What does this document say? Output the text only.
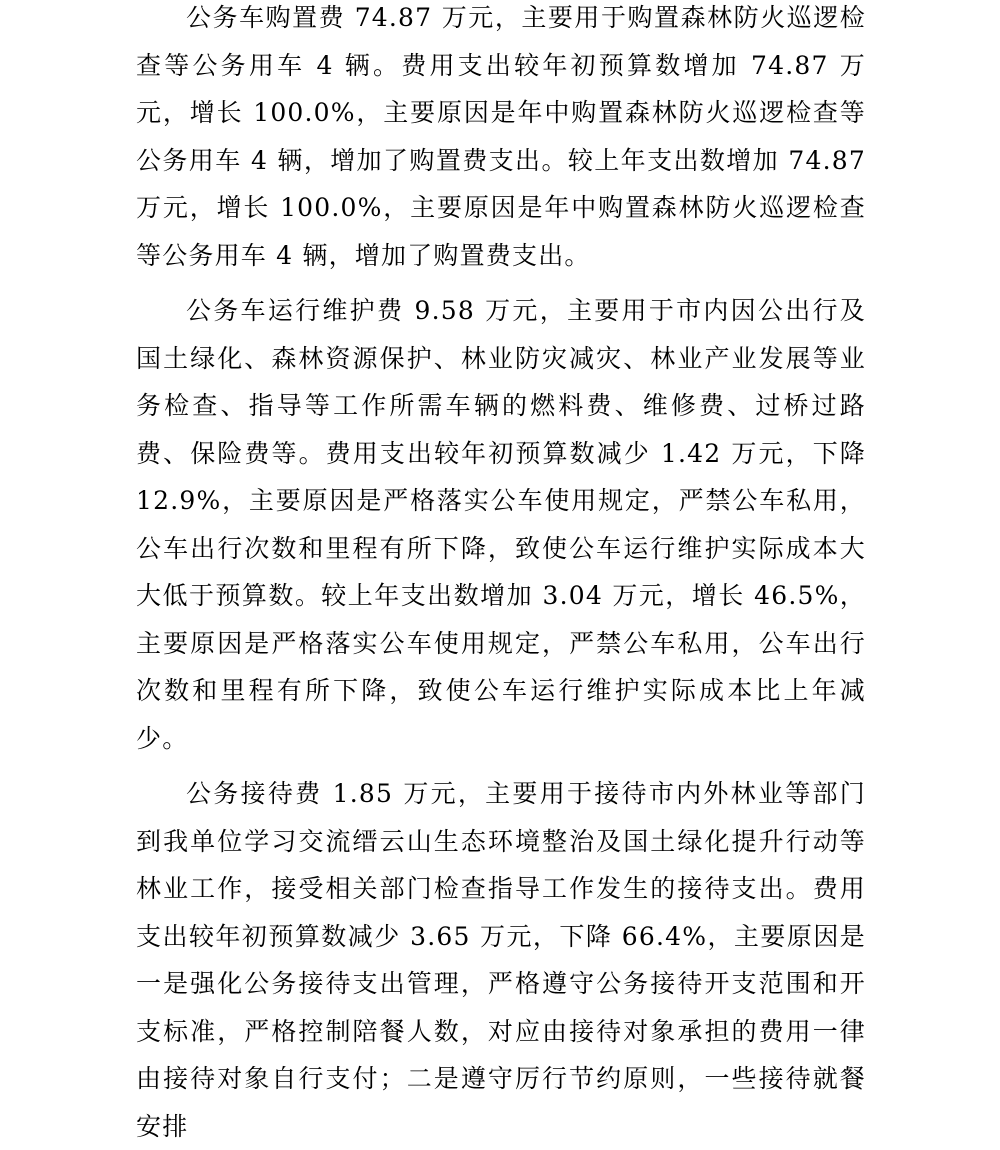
公务车购置费 74.87 万元，主要用于购置森林防火巡逻检查等公务用车 4 辆。费用支出较年初预算数增加 74.87 万元，增长 100.0%，主要原因是年中购置森林防火巡逻检查等公务用车 4 辆，增加了购置费支出。较上年支出数增加 74.87 万元，增长 100.0%，主要原因是年中购置森林防火巡逻检查等公务用车 4 辆，增加了购置费支出。

公务车运行维护费 9.58 万元，主要用于市内因公出行及国土绿化、森林资源保护、林业防灾减灾、林业产业发展等业务检查、指导等工作所需车辆的燃料费、维修费、过桥过路费、保险费等。费用支出较年初预算数减少 1.42 万元，下降 12.9%，主要原因是严格落实公车使用规定，严禁公车私用，公车出行次数和里程有所下降，致使公车运行维护实际成本大大低于预算数。较上年支出数增加 3.04 万元，增长 46.5%，主要原因是严格落实公车使用规定，严禁公车私用，公车出行次数和里程有所下降，致使公车运行维护实际成本比上年减少。

公务接待费 1.85 万元，主要用于接待市内外林业等部门到我单位学习交流缙云山生态环境整治及国土绿化提升行动等林业工作，接受相关部门检查指导工作发生的接待支出。费用支出较年初预算数减少 3.65 万元，下降 66.4%，主要原因是一是强化公务接待支出管理，严格遵守公务接待开支范围和开支标准，严格控制陪餐人数，对应由接待对象承担的费用一律由接待对象自行支付；二是遵守厉行节约原则，一些接待就餐安排
